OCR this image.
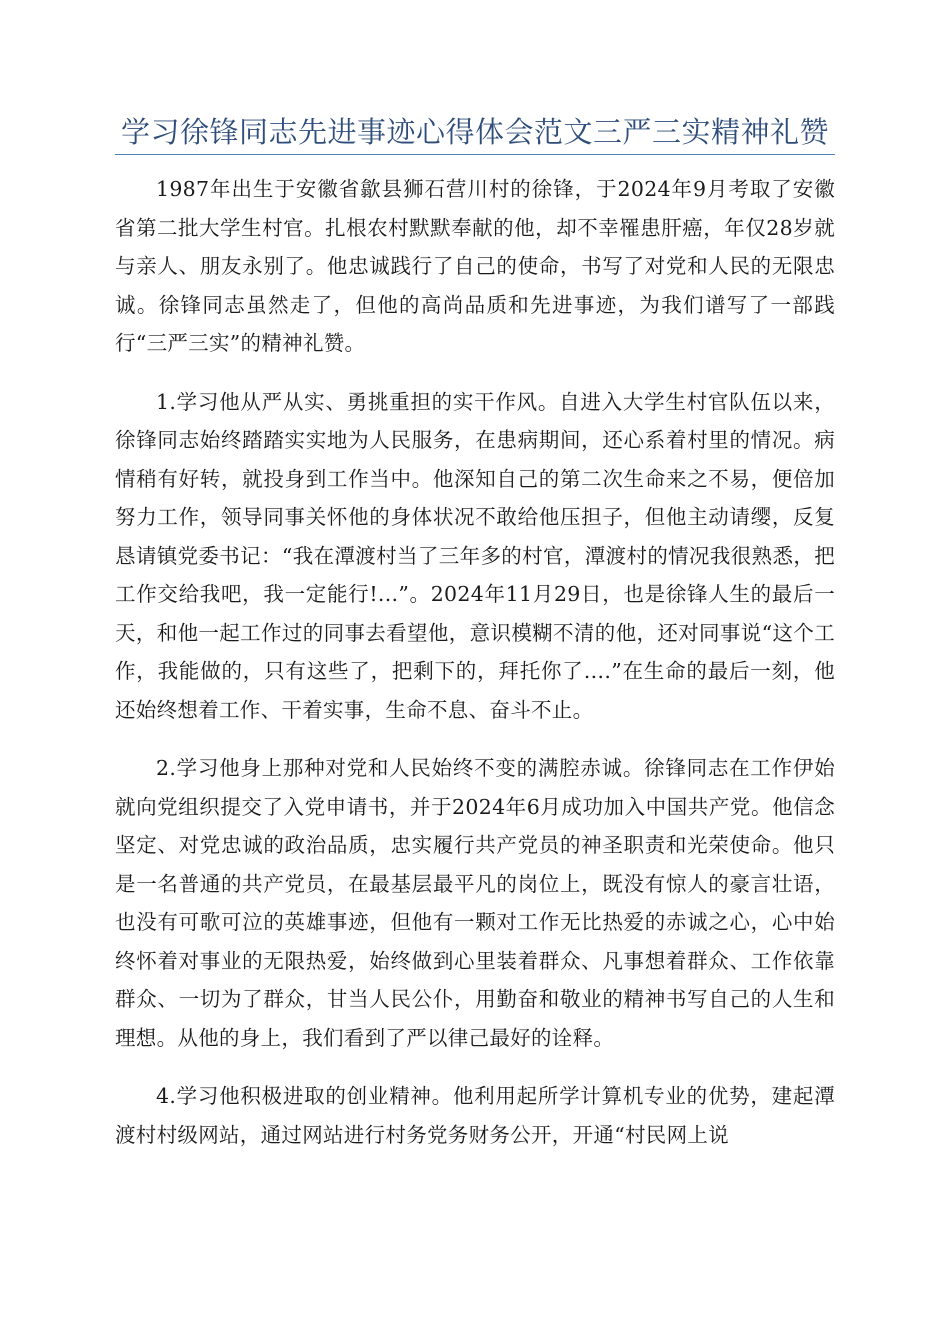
学习徐锋同志先进事迹心得体会范文三严三实精神礼赞

1987年出生于安徽省歙县狮石营川村的徐锋，于2024年9月考取了安徽省第二批大学生村官。扎根农村默默奉献的他，却不幸罹患肝癌，年仅28岁就与亲人、朋友永别了。他忠诚践行了自己的使命，书写了对党和人民的无限忠诚。徐锋同志虽然走了，但他的高尚品质和先进事迹，为我们谱写了一部践行“三严三实”的精神礼赞。

1.学习他从严从实、勇挑重担的实干作风。自进入大学生村官队伍以来，徐锋同志始终踏踏实实地为人民服务，在患病期间，还心系着村里的情况。病情稍有好转，就投身到工作当中。他深知自己的第二次生命来之不易，便倍加努力工作，领导同事关怀他的身体状况不敢给他压担子，但他主动请缨，反复恳请镇党委书记：“我在潭渡村当了三年多的村官，潭渡村的情况我很熟悉，把工作交给我吧，我一定能行!...”。2024年11月29日，也是徐锋人生的最后一天，和他一起工作过的同事去看望他，意识模糊不清的他，还对同事说“这个工作，我能做的，只有这些了，把剩下的，拜托你了….”在生命的最后一刻，他还始终想着工作、干着实事，生命不息、奋斗不止。

2.学习他身上那种对党和人民始终不变的满腔赤诚。徐锋同志在工作伊始就向党组织提交了入党申请书，并于2024年6月成功加入中国共产党。他信念坚定、对党忠诚的政治品质，忠实履行共产党员的神圣职责和光荣使命。他只是一名普通的共产党员，在最基层最平凡的岗位上，既没有惊人的豪言壮语，也没有可歌可泣的英雄事迹，但他有一颗对工作无比热爱的赤诚之心，心中始终怀着对事业的无限热爱，始终做到心里装着群众、凡事想着群众、工作依靠群众、一切为了群众，甘当人民公仆，用勤奋和敬业的精神书写自己的人生和理想。从他的身上，我们看到了严以律己最好的诠释。

4.学习他积极进取的创业精神。他利用起所学计算机专业的优势，建起潭渡村村级网站，通过网站进行村务党务财务公开，开通“村民网上说
